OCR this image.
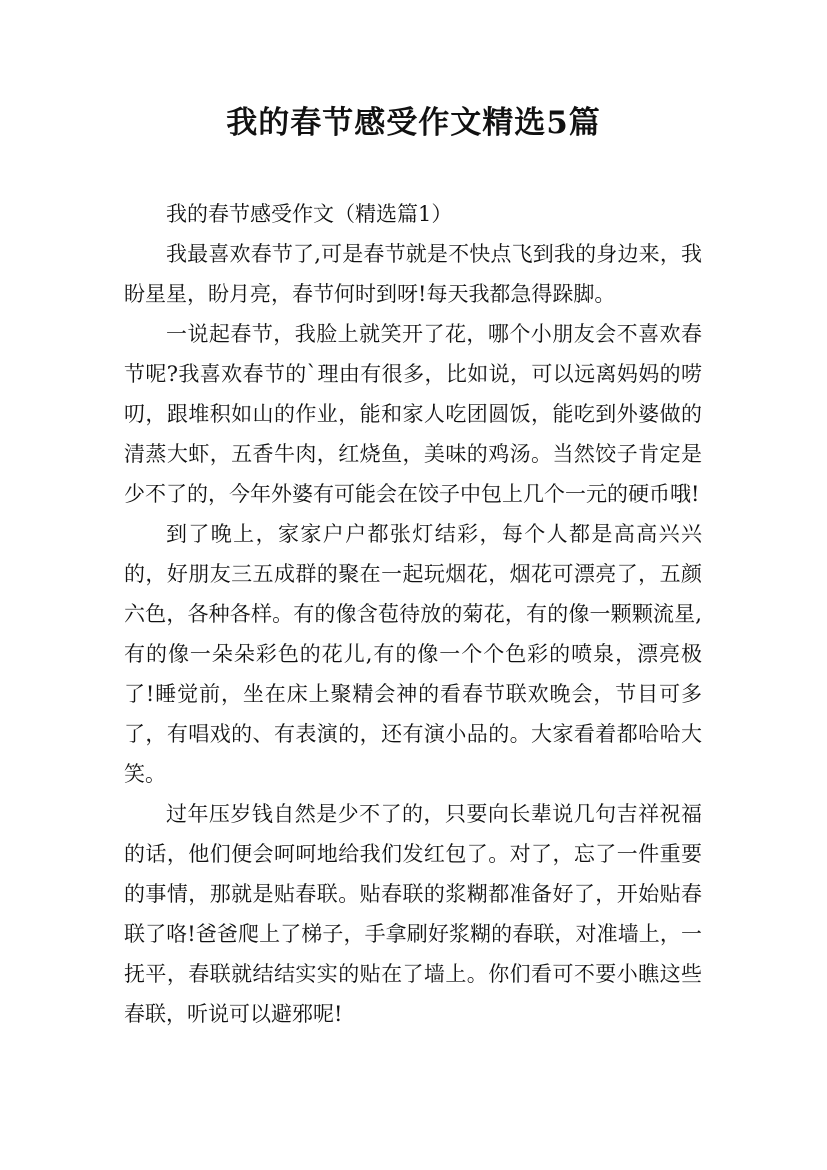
我的春节感受作文精选5篇

我的春节感受作文（精选篇1）

我最喜欢春节了,可是春节就是不快点飞到我的身边来，我盼星星，盼月亮，春节何时到呀!每天我都急得跺脚。

一说起春节，我脸上就笑开了花，哪个小朋友会不喜欢春节呢?我喜欢春节的`理由有很多，比如说，可以远离妈妈的唠叨，跟堆积如山的作业，能和家人吃团圆饭，能吃到外婆做的清蒸大虾，五香牛肉，红烧鱼，美味的鸡汤。当然饺子肯定是少不了的，今年外婆有可能会在饺子中包上几个一元的硬币哦!

到了晚上，家家户户都张灯结彩，每个人都是高高兴兴的，好朋友三五成群的聚在一起玩烟花，烟花可漂亮了，五颜六色，各种各样。有的像含苞待放的菊花，有的像一颗颗流星,有的像一朵朵彩色的花儿,有的像一个个色彩的喷泉，漂亮极了!睡觉前，坐在床上聚精会神的看春节联欢晚会，节目可多了，有唱戏的、有表演的，还有演小品的。大家看着都哈哈大笑。

过年压岁钱自然是少不了的，只要向长辈说几句吉祥祝福的话，他们便会呵呵地给我们发红包了。对了，忘了一件重要的事情，那就是贴春联。贴春联的浆糊都准备好了，开始贴春联了咯!爸爸爬上了梯子，手拿刷好浆糊的春联，对准墙上，一抚平，春联就结结实实的贴在了墙上。你们看可不要小瞧这些春联，听说可以避邪呢!
